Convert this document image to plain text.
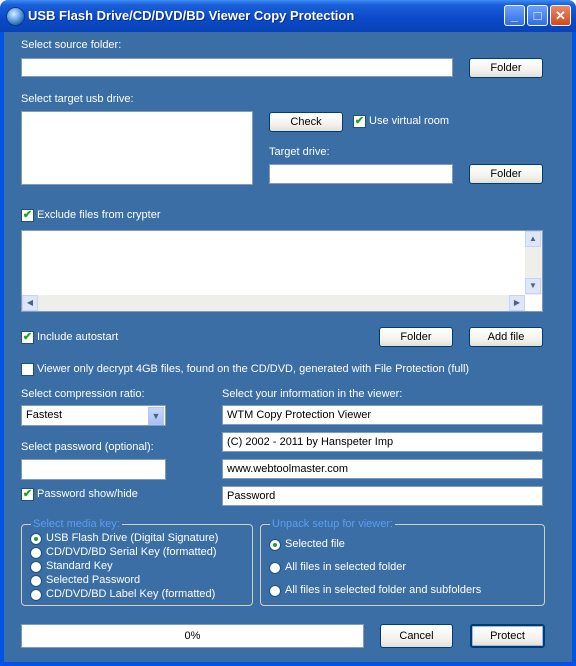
USB Flash Drive/CD/DVD/BD Viewer Copy Protection	_	□	✕
Select source folder:
Folder
Select target usb drive:
Check	✔ Use virtual room
Target drive:
Folder
✔ Exclude files from crypter
▲
▼
◀	▶
✔ Include autostart	Folder	Add file
Viewer only decrypt 4GB files, found on the CD/DVD, generated with File Protection (full)
Select compression ratio:
Fastest	▼
Select password (optional):
✔ Password show/hide
Select your information in the viewer:
WTM Copy Protection Viewer
(C) 2002 - 2011 by Hanspeter Imp
www.webtoolmaster.com
Password
Select media key:
USB Flash Drive (Digital Signature)
CD/DVD/BD Serial Key (formatted)
Standard Key
Selected Password
CD/DVD/BD Label Key (formatted)
Unpack setup for viewer:
Selected file
All files in selected folder
All files in selected folder and subfolders
0%	Cancel	Protect
